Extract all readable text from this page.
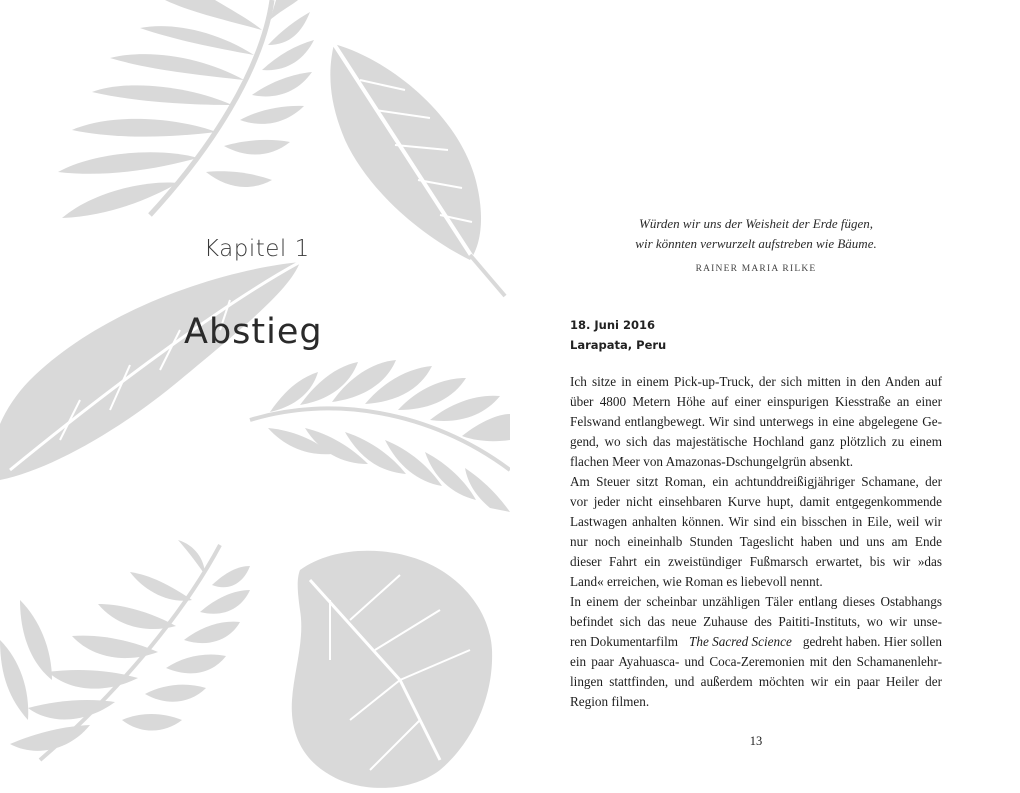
Kapitel 1
Abstieg
Würden wir uns der Weisheit der Erde fügen,
wir könnten verwurzelt aufstreben wie Bäume.
RAINER MARIA RILKE
18. Juni 2016
Larapata, Peru
Ich sitze in einem Pick-up-Truck, der sich mitten in den Anden auf
über 4800 Metern Höhe auf einer einspurigen Kiesstraße an einer
Felswand entlangbewegt. Wir sind unterwegs in eine abgelegene Ge-
gend, wo sich das majestätische Hochland ganz plötzlich zu einem
flachen Meer von Amazonas-Dschungelgrün absenkt.
Am Steuer sitzt Roman, ein achtunddreißigjähriger Schamane, der
vor jeder nicht einsehbaren Kurve hupt, damit entgegenkommende
Lastwagen anhalten können. Wir sind ein bisschen in Eile, weil wir
nur noch eineinhalb Stunden Tageslicht haben und uns am Ende
dieser Fahrt ein zweistündiger Fußmarsch erwartet, bis wir »das
Land« erreichen, wie Roman es liebevoll nennt.
In einem der scheinbar unzähligen Täler entlang dieses Ostabhangs
befindet sich das neue Zuhause des Paititi-Instituts, wo wir unse-
ren Dokumentarfilm The Sacred Science gedreht haben. Hier sollen
ein paar Ayahuasca- und Coca-Zeremonien mit den Schamanenlehr-
lingen stattfinden, und außerdem möchten wir ein paar Heiler der
Region filmen.
13
